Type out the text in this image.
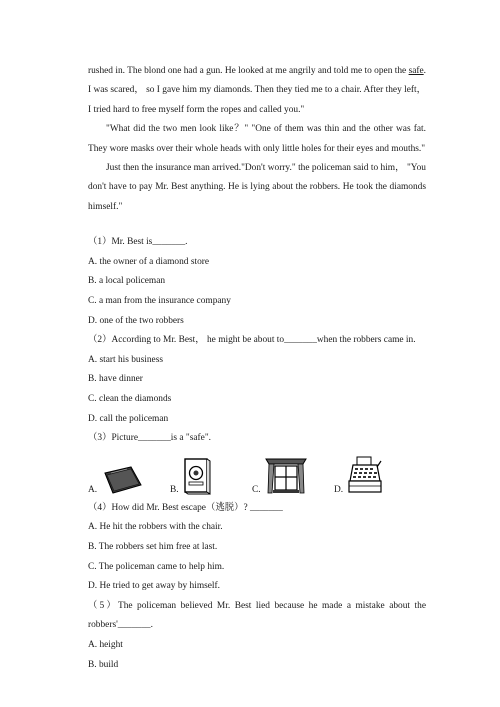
rushed in. The blond one had a gun. He looked at me angrily and told me to open the safe. I was scared， so I gave him my diamonds. Then they tied me to a chair. After they left， I tried hard to free myself form the ropes and called you."

"What did the two men look like？" "One of them was thin and the other was fat. They wore masks over their whole heads with only little holes for their eyes and mouths."

Just then the insurance man arrived."Don't worry." the policeman said to him， "You don't have to pay Mr. Best anything. He is lying about the robbers. He took the diamonds himself."

（1）Mr. Best is_______.
A. the owner of a diamond store
B. a local policeman
C. a man from the insurance company
D. one of the two robbers
（2）According to Mr. Best， he might be about to_______when the robbers came in.
A. start his business
B. have dinner
C. clean the diamonds
D. call the policeman
（3）Picture_______is a "safe".
A.	B.	C.	D.
（4）How did Mr. Best escape（逃脱）? _______
A. He hit the robbers with the chair.
B. The robbers set him free at last.
C. The policeman came to help him.
D. He tried to get away by himself.
（5）The policeman believed Mr. Best lied because he made a mistake about the robbers'_______.
A. height
B. build
